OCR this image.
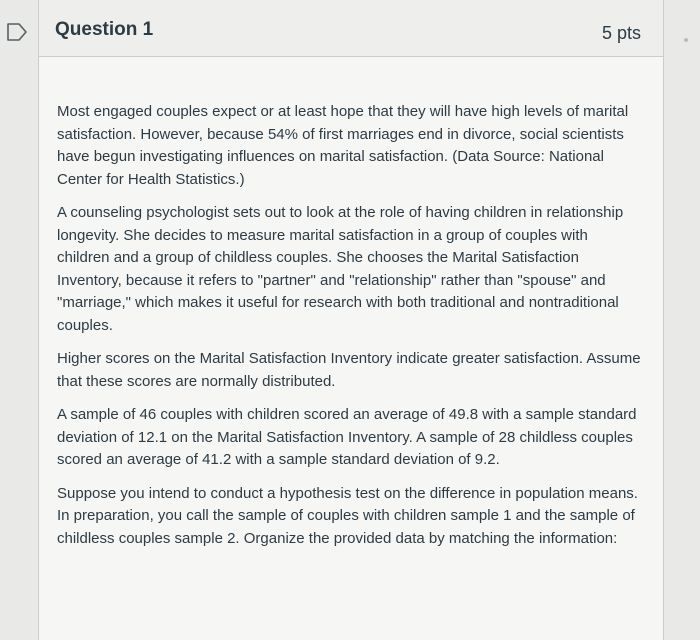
Question 1	5 pts

Most engaged couples expect or at least hope that they will have high levels of marital satisfaction. However, because 54% of first marriages end in divorce, social scientists have begun investigating influences on marital satisfaction. (Data Source: National Center for Health Statistics.)

A counseling psychologist sets out to look at the role of having children in relationship longevity. She decides to measure marital satisfaction in a group of couples with children and a group of childless couples. She chooses the Marital Satisfaction Inventory, because it refers to "partner" and "relationship" rather than "spouse" and "marriage," which makes it useful for research with both traditional and nontraditional couples.

Higher scores on the Marital Satisfaction Inventory indicate greater satisfaction. Assume that these scores are normally distributed.

A sample of 46 couples with children scored an average of 49.8 with a sample standard deviation of 12.1 on the Marital Satisfaction Inventory. A sample of 28 childless couples scored an average of 41.2 with a sample standard deviation of 9.2.

Suppose you intend to conduct a hypothesis test on the difference in population means. In preparation, you call the sample of couples with children sample 1 and the sample of childless couples sample 2. Organize the provided data by matching the information:
